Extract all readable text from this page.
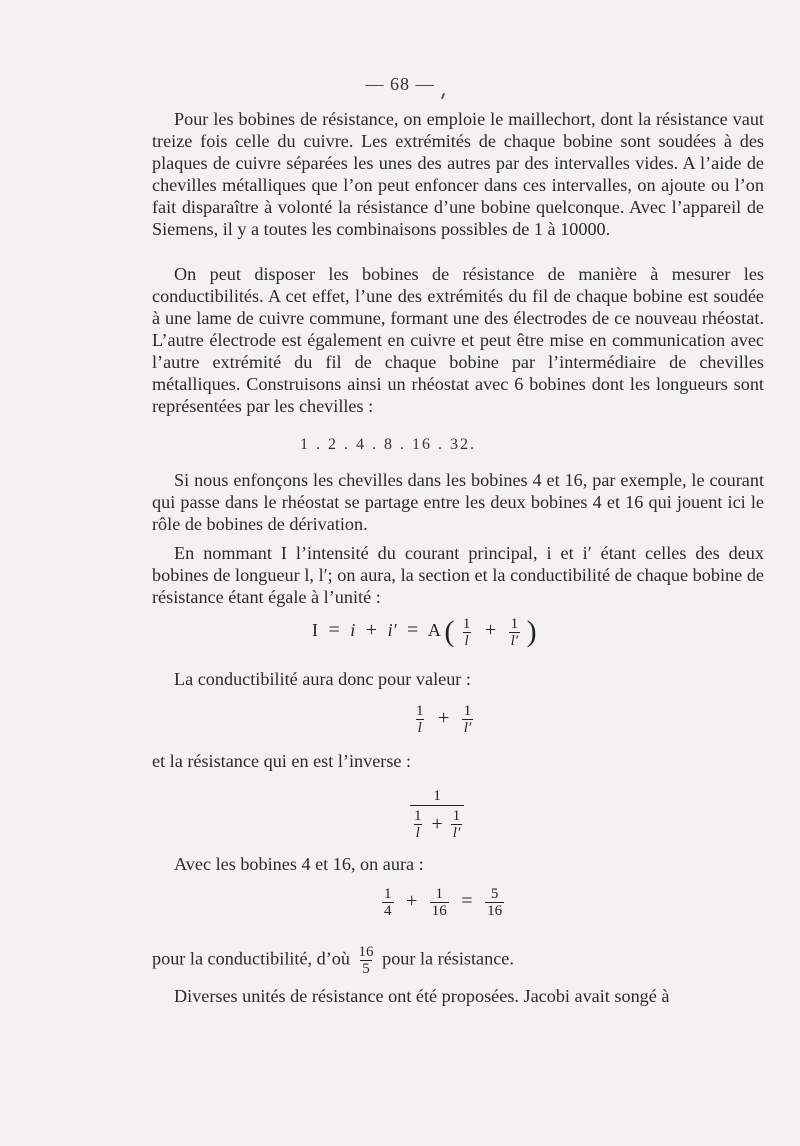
— 68 —
Pour les bobines de résistance, on emploie le maillechort, dont la résistance vaut treize fois celle du cuivre. Les extrémités de chaque bobine sont soudées à des plaques de cuivre séparées les unes des autres par des intervalles vides. A l’aide de chevilles métalliques que l’on peut enfoncer dans ces intervalles, on ajoute ou l’on fait disparaître à volonté la résistance d’une bobine quelconque. Avec l’appareil de Siemens, il y a toutes les combinaisons possibles de 1 à 10000.
On peut disposer les bobines de résistance de manière à mesurer les conductibilités. A cet effet, l’une des extrémités du fil de chaque bobine est soudée à une lame de cuivre commune, formant une des électrodes de ce nouveau rhéostat. L’autre électrode est également en cuivre et peut être mise en communication avec l’autre extrémité du fil de chaque bobine par l’intermédiaire de chevilles métalliques. Construisons ainsi un rhéostat avec 6 bobines dont les longueurs sont représentées par les chevilles :
1 . 2 . 4 . 8 . 16 . 32.
Si nous enfonçons les chevilles dans les bobines 4 et 16, par exemple, le courant qui passe dans le rhéostat se partage entre les deux bobines 4 et 16 qui jouent ici le rôle de bobines de dérivation.
En nommant I l’intensité du courant principal, i et i′ étant celles des deux bobines de longueur l, l′; on aura, la section et la conductibilité de chaque bobine de résistance étant égale à l’unité :
I = i + i′ = A ( $\frac{1}{l} + \frac{1}{l'}$ )
La conductibilité aura donc pour valeur :
$\frac{1}{l} + \frac{1}{l'}$
et la résistance qui en est l’inverse :
$\frac{1}{\frac{1}{l} + \frac{1}{l'}}$
Avec les bobines 4 et 16, on aura :
$\frac{1}{4} + \frac{1}{16} = \frac{5}{16}$
pour la conductibilité, d’où $\frac{16}{5}$ pour la résistance.
Diverses unités de résistance ont été proposées. Jacobi avait songé à
